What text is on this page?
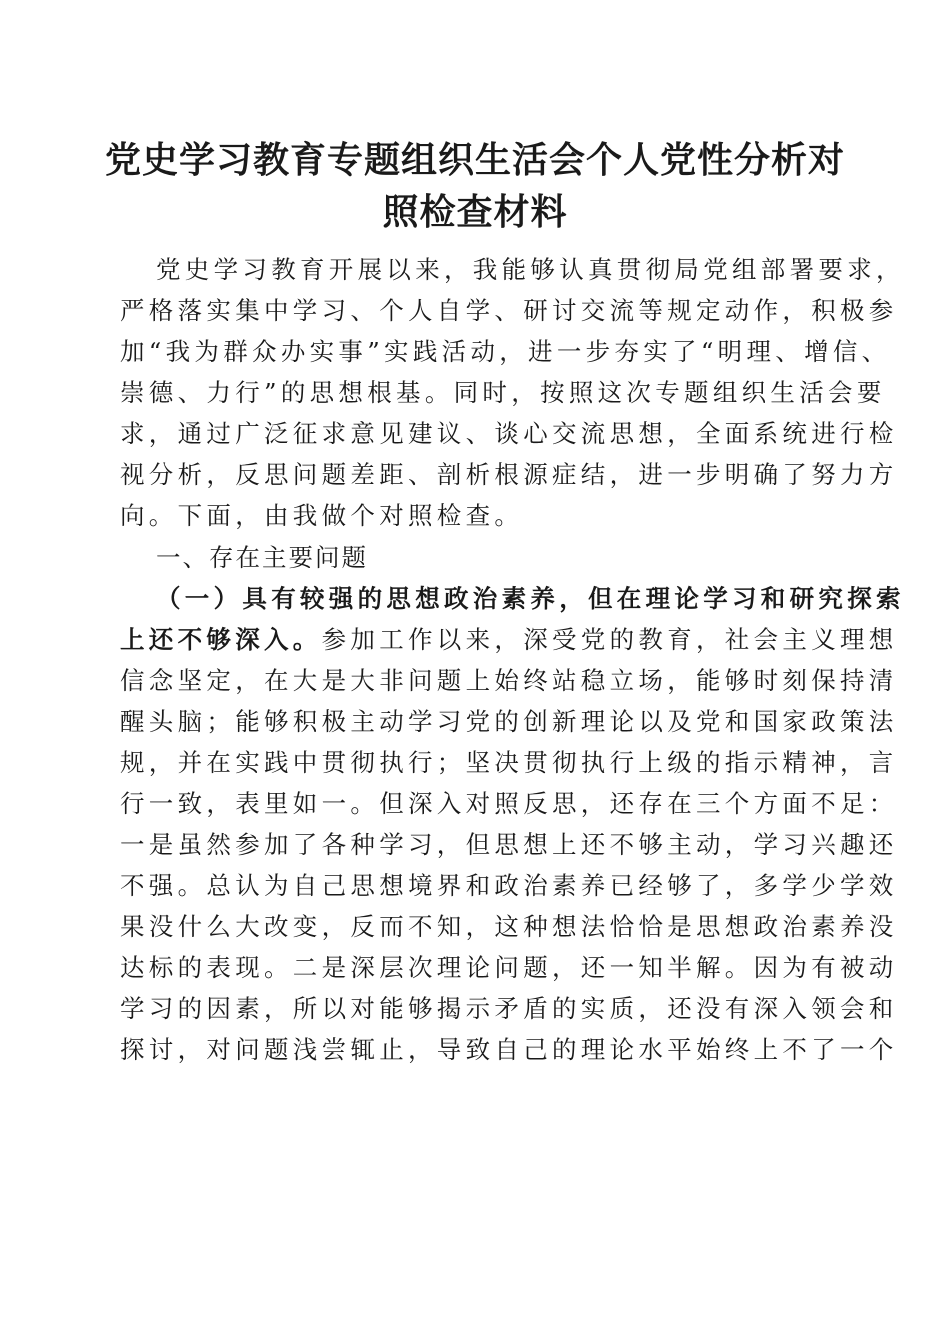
党史学习教育专题组织生活会个人党性分析对
照检查材料

党史学习教育开展以来，我能够认真贯彻局党组部署要求，

严格落实集中学习、个人自学、研讨交流等规定动作，积极参

加“我为群众办实事”实践活动，进一步夯实了“明理、增信、

崇德、力行”的思想根基。同时，按照这次专题组织生活会要

求，通过广泛征求意见建议、谈心交流思想，全面系统进行检

视分析，反思问题差距、剖析根源症结，进一步明确了努力方

向。下面，由我做个对照检查。

一、存在主要问题

（一）具有较强的思想政治素养，但在理论学习和研究探索

上还不够深入。参加工作以来，深受党的教育，社会主义理想

信念坚定，在大是大非问题上始终站稳立场，能够时刻保持清

醒头脑；能够积极主动学习党的创新理论以及党和国家政策法

规，并在实践中贯彻执行；坚决贯彻执行上级的指示精神，言

行一致，表里如一。但深入对照反思，还存在三个方面不足：

一是虽然参加了各种学习，但思想上还不够主动，学习兴趣还

不强。总认为自己思想境界和政治素养已经够了，多学少学效

果没什么大改变，反而不知，这种想法恰恰是思想政治素养没

达标的表现。二是深层次理论问题，还一知半解。因为有被动

学习的因素，所以对能够揭示矛盾的实质，还没有深入领会和

探讨，对问题浅尝辄止，导致自己的理论水平始终上不了一个
